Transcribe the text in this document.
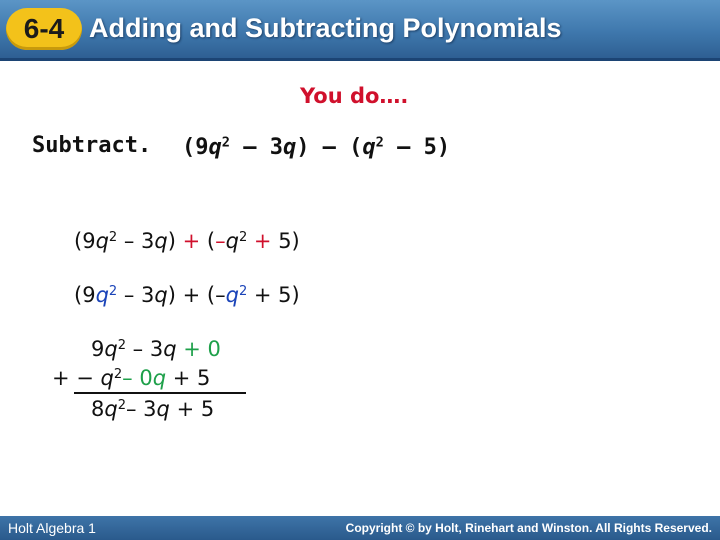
6-4 Adding and Subtracting Polynomials
You do….
Subtract. $(9q^2 - 3q) - (q^2 - 5)$
$(9q^2 - 3q) + (-q^2 + 5)$
$(9q^2 - 3q) + (-q^2 + 5)$
$9q^2 - 3q + 0$
+ − $q^2-$ 0q + 5
$8q^2-$ 3q + 5
Holt Algebra 1	Copyright © by Holt, Rinehart and Winston. All Rights Reserved.
